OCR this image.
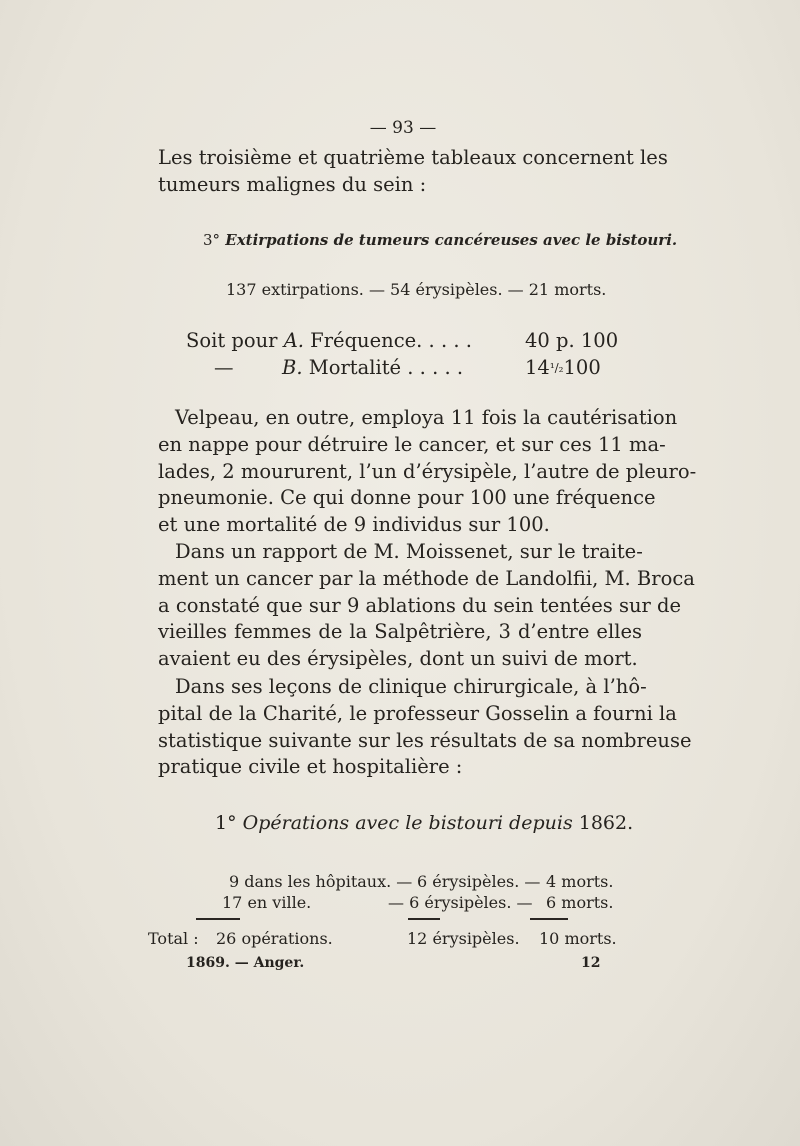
— 93 —
Les troisième et quatrième tableaux concernent les
tumeurs malignes du sein :
3° Extirpations de tumeurs cancéreuses avec le bistouri.
137 extirpations. — 54 érysipèles. — 21 morts.
Soit pour A. Fréquence. . . . .	40 p. 100
—	B. Mortalité . . . . .	14¹/₂100
Velpeau, en outre, employa 11 fois la cautérisation
en nappe pour détruire le cancer, et sur ces 11 ma-
lades, 2 moururent, l’un d’érysipèle, l’autre de pleuro-
pneumonie. Ce qui donne pour 100 une fréquence
et une mortalité de 9 individus sur 100.
Dans un rapport de M. Moissenet, sur le traite-
ment un cancer par la méthode de Landolfii, M. Broca
a constaté que sur 9 ablations du sein tentées sur de
vieilles femmes de la Salpêtrière, 3 d’entre elles
avaient eu des érysipèles, dont un suivi de mort.
Dans ses leçons de clinique chirurgicale, à l’hô-
pital de la Charité, le professeur Gosselin a fourni la
statistique suivante sur les résultats de sa nombreuse
pratique civile et hospitalière :
1° Opérations avec le bistouri depuis 1862.
9 dans les hôpitaux. — 6 érysipèles. — 4 morts.
17 en ville.	— 6 érysipèles. — 6 morts.
Total : 26 opérations.	12 érysipèles. 10 morts.
1869. — Anger.	12
